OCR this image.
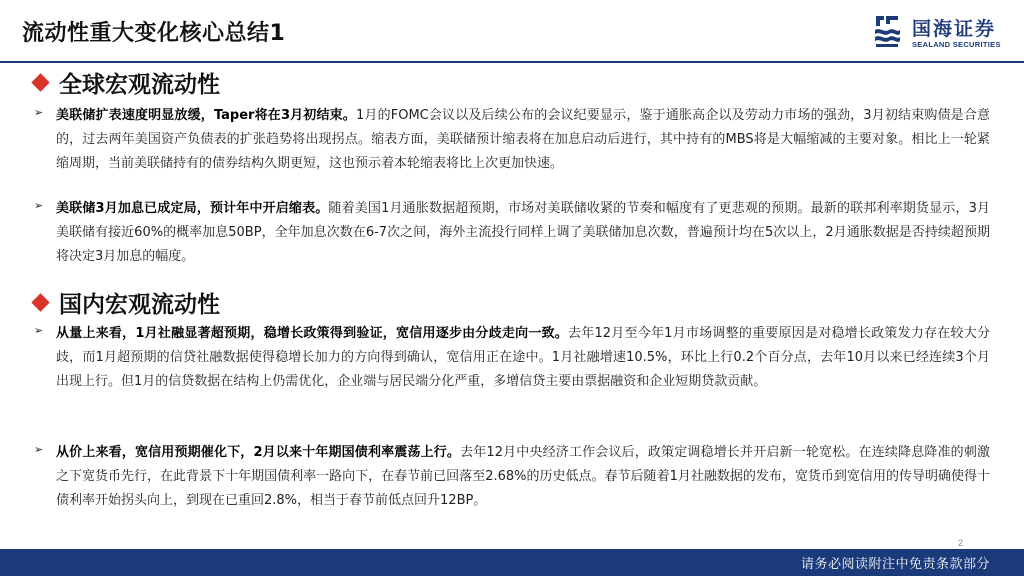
流动性重大变化核心总结1	国海证券
SEALAND SECURITIES
全球宏观流动性
➢ 美联储扩表速度明显放缓，Taper将在3月初结束。1月的FOMC会议以及后续公布的会议纪要显示，鉴于通胀高企以及劳动力市场的强劲，3月初结束购债是合意的，过去两年美国资产负债表的扩张趋势将出现拐点。缩表方面，美联储预计缩表将在加息启动后进行，其中持有的MBS将是大幅缩减的主要对象。相比上一轮紧缩周期，当前美联储持有的债券结构久期更短，这也预示着本轮缩表将比上次更加快速。
➢ 美联储3月加息已成定局，预计年中开启缩表。随着美国1月通胀数据超预期，市场对美联储收紧的节奏和幅度有了更悲观的预期。最新的联邦利率期货显示，3月美联储有接近60%的概率加息50BP，全年加息次数在6-7次之间，海外主流投行同样上调了美联储加息次数，普遍预计均在5次以上，2月通胀数据是否持续超预期将决定3月加息的幅度。
国内宏观流动性
➢ 从量上来看，1月社融显著超预期，稳增长政策得到验证，宽信用逐步由分歧走向一致。去年12月至今年1月市场调整的重要原因是对稳增长政策发力存在较大分歧，而1月超预期的信贷社融数据使得稳增长加力的方向得到确认，宽信用正在途中。1月社融增速10.5%，环比上行0.2个百分点，去年10月以来已经连续3个月出现上行。但1月的信贷数据在结构上仍需优化，企业端与居民端分化严重，多增信贷主要由票据融资和企业短期贷款贡献。
➢ 从价上来看，宽信用预期催化下，2月以来十年期国债利率震荡上行。去年12月中央经济工作会议后，政策定调稳增长并开启新一轮宽松。在连续降息降准的刺激之下宽货币先行，在此背景下十年期国债利率一路向下，在春节前已回落至2.68%的历史低点。春节后随着1月社融数据的发布，宽货币到宽信用的传导明确使得十债利率开始拐头向上，到现在已重回2.8%，相当于春节前低点回升12BP。
2
请务必阅读附注中免责条款部分
